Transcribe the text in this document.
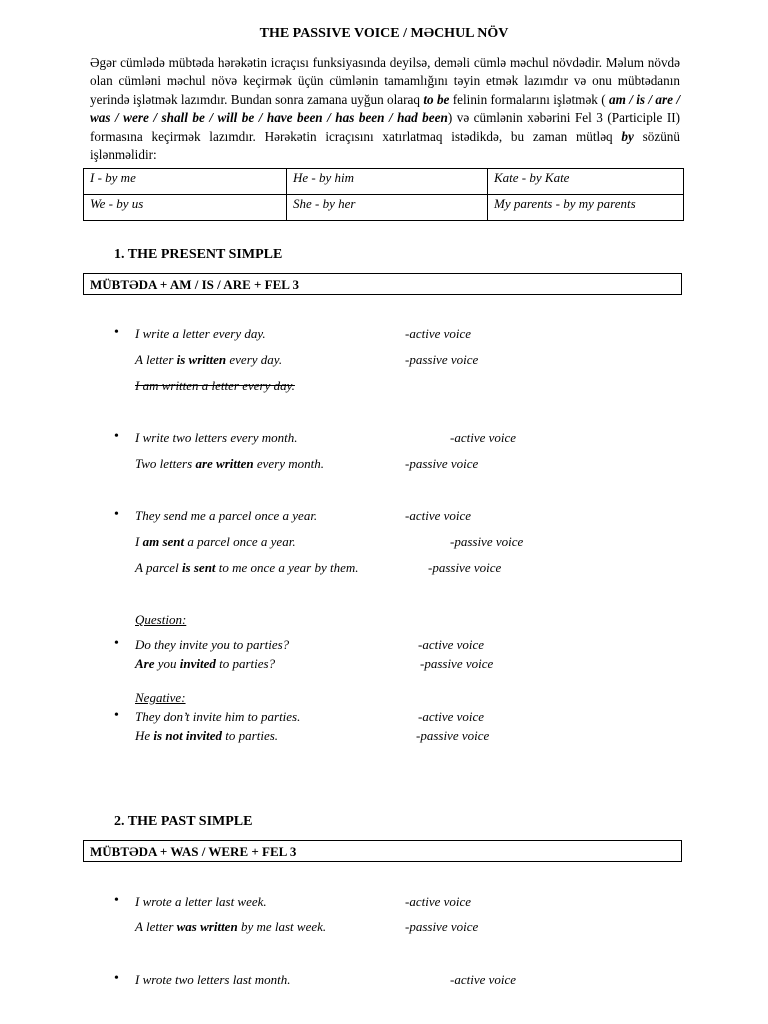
THE PASSIVE VOICE / MƏCHUL NÖV
Əgər cümlədə mübtəda hərəkətin icraçısı funksiyasında deyilsə, deməli cümlə məchul növdədir. Məlum növdə olan cümləni məchul növə keçirmək üçün cümlənin tamamlığını təyin etmək lazımdır və onu mübtədanın yerində işlətmək lazımdır. Bundan sonra zamana uyğun olaraq to be felinin formalarını işlətmək ( am / is / are / was / were / shall be / will be / have been / has been / had been) və cümlənin xəbərini Fel 3 (Participle II) formasına keçirmək lazımdır. Hərəkətin icraçısını xatırlatmaq istədikdə, bu zaman mütləq by sözünü işlənməlidir:
I - by me	He - by him	Kate - by Kate
We - by us	She - by her	My parents - by my parents
1. THE PRESENT SIMPLE
MÜBTƏDA + AM / IS / ARE + FEL 3
• I write a letter every day.	-active voice
A letter is written every day.	-passive voice
I am written a letter every day.
• I write two letters every month.	-active voice
Two letters are written every month.	-passive voice
• They send me a parcel once a year.	-active voice
I am sent a parcel once a year.	-passive voice
A parcel is sent to me once a year by them.	-passive voice
Question:
• Do they invite you to parties?	-active voice
Are you invited to parties?	-passive voice
Negative:
• They don’t invite him to parties.	-active voice
He is not invited to parties.	-passive voice
2. THE PAST SIMPLE
MÜBTƏDA + WAS / WERE + FEL 3
• I wrote a letter last week.	-active voice
A letter was written by me last week.	-passive voice
• I wrote two letters last month.	-active voice
